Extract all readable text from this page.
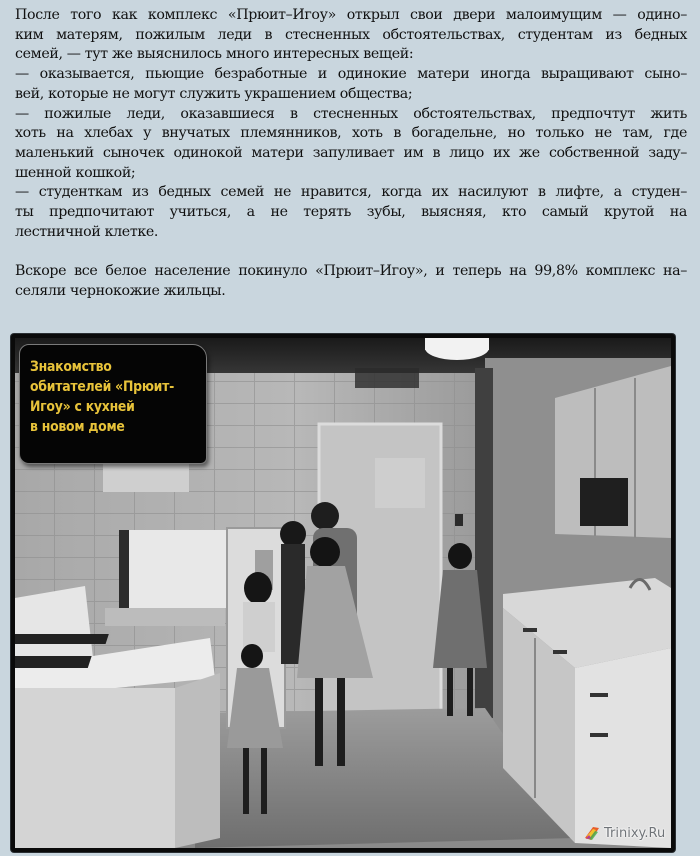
После того как комплекс «Прюит–Игоу» открыл свои двери малоимущим — одино–
ким матерям, пожилым леди в стесненных обстоятельствах, студентам из бедных
семей, — тут же выяснилось много интересных вещей:

— оказывается, пьющие безработные и одинокие матери иногда выращивают сыно–
вей, которые не могут служить украшением общества;

— пожилые леди, оказавшиеся в стесненных обстоятельствах, предпочтут жить
хоть на хлебах у внучатых племянников, хоть в богадельне, но только не там, где
маленький сыночек одинокой матери запуливает им в лицо их же собственной заду–
шенной кошкой;

— студенткам из бедных семей не нравится, когда их насилуют в лифте, а студен–
ты предпочитают учиться, а не терять зубы, выясняя, кто самый крутой на
лестничной клетке.

Вскоре все белое население покинуло «Прюит–Игоу», и теперь на 99,8% комплекс на–
селяли чернокожие жильцы.

Знакомство
обитателей «Прюит-
Игоу» с кухней
в новом доме
Trinixy.Ru
